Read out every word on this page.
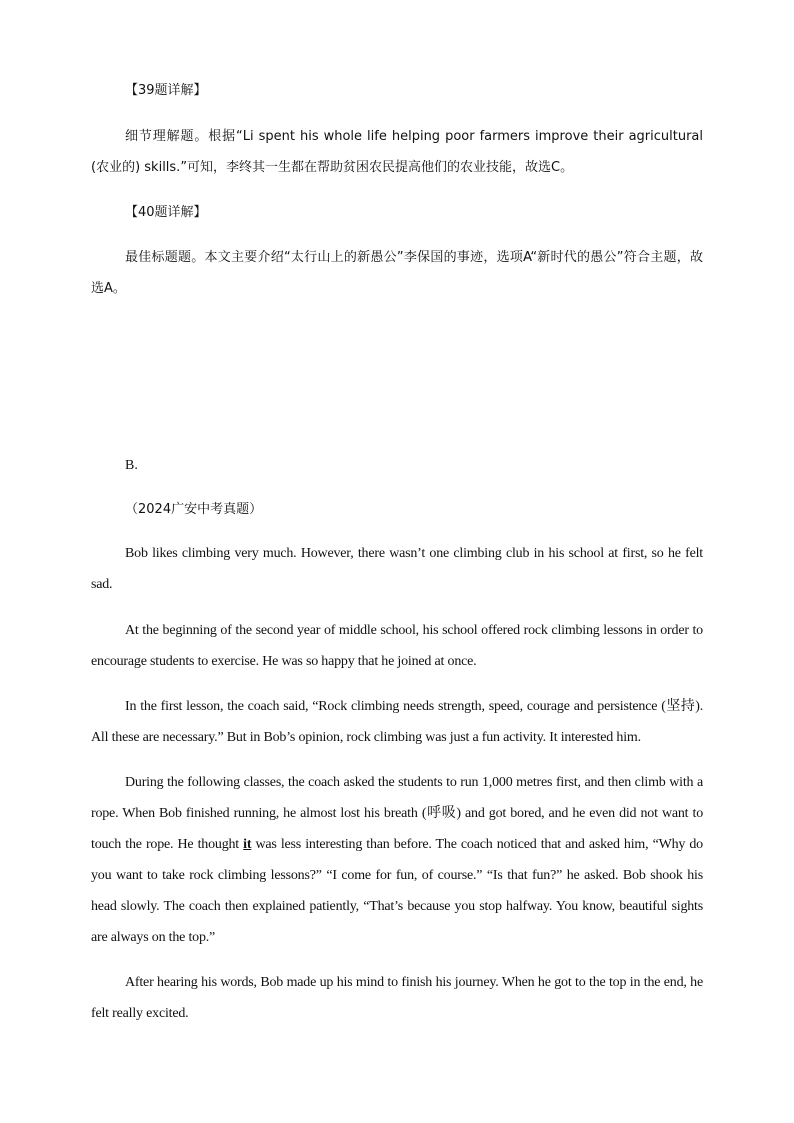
【39题详解】
细节理解题。根据“Li spent his whole life helping poor farmers improve their agricultural (农业的) skills.”可知，李终其一生都在帮助贫困农民提高他们的农业技能，故选C。
【40题详解】
最佳标题题。本文主要介绍“太行山上的新愚公”李保国的事迹，选项A“新时代的愚公”符合主题，故选A。
B.
（2024广安中考真题）
Bob likes climbing very much. However, there wasn’t one climbing club in his school at first, so he felt sad.
At the beginning of the second year of middle school, his school offered rock climbing lessons in order to encourage students to exercise. He was so happy that he joined at once.
In the first lesson, the coach said, “Rock climbing needs strength, speed, courage and persistence (坚持). All these are necessary.” But in Bob’s opinion, rock climbing was just a fun activity. It interested him.
During the following classes, the coach asked the students to run 1,000 metres first, and then climb with a rope. When Bob finished running, he almost lost his breath (呼吸) and got bored, and he even did not want to touch the rope. He thought it was less interesting than before. The coach noticed that and asked him, “Why do you want to take rock climbing lessons?” “I come for fun, of course.” “Is that fun?” he asked. Bob shook his head slowly. The coach then explained patiently, “That’s because you stop halfway. You know, beautiful sights are always on the top.”
After hearing his words, Bob made up his mind to finish his journey. When he got to the top in the end, he felt really excited.
